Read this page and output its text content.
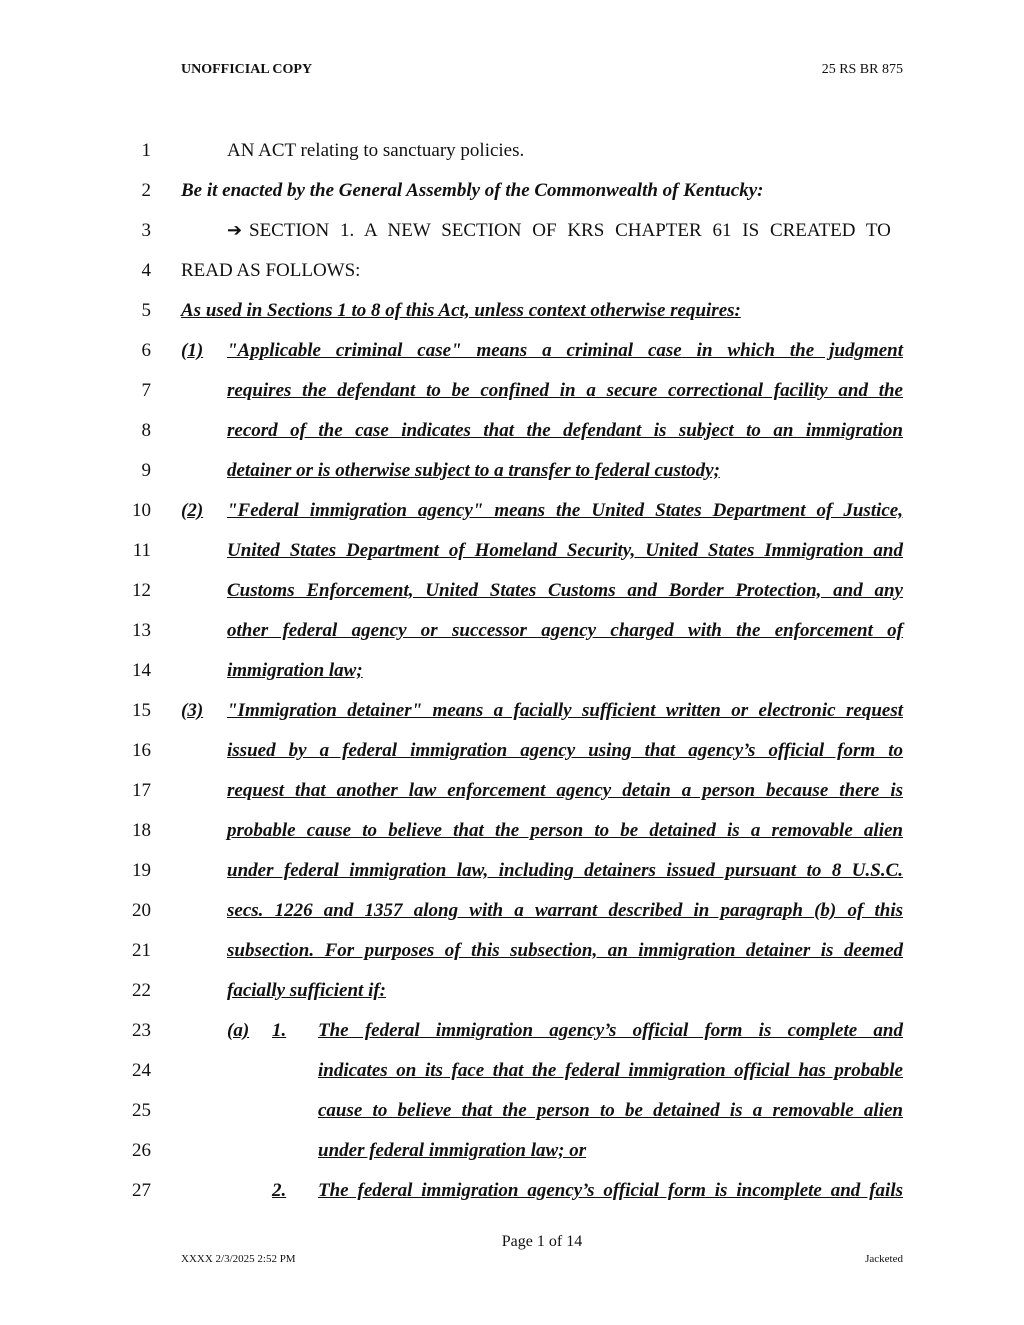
UNOFFICIAL COPY	25 RS BR 875
1	AN ACT relating to sanctuary policies.
2 Be it enacted by the General Assembly of the Commonwealth of Kentucky:
3	➔ SECTION 1. A NEW SECTION OF KRS CHAPTER 61 IS CREATED TO
4 READ AS FOLLOWS:
5 As used in Sections 1 to 8 of this Act, unless context otherwise requires:
6 (1) "Applicable criminal case" means a criminal case in which the judgment
7	requires the defendant to be confined in a secure correctional facility and the
8	record of the case indicates that the defendant is subject to an immigration
9	detainer or is otherwise subject to a transfer to federal custody;
10 (2) "Federal immigration agency" means the United States Department of Justice,
11	United States Department of Homeland Security, United States Immigration and
12	Customs Enforcement, United States Customs and Border Protection, and any
13	other federal agency or successor agency charged with the enforcement of
14	immigration law;
15 (3) "Immigration detainer" means a facially sufficient written or electronic request
16	issued by a federal immigration agency using that agency’s official form to
17	request that another law enforcement agency detain a person because there is
18	probable cause to believe that the person to be detained is a removable alien
19	under federal immigration law, including detainers issued pursuant to 8 U.S.C.
20	secs. 1226 and 1357 along with a warrant described in paragraph (b) of this
21	subsection. For purposes of this subsection, an immigration detainer is deemed
22	facially sufficient if:
23	(a) 1. The federal immigration agency’s official form is complete and
24	indicates on its face that the federal immigration official has probable
25	cause to believe that the person to be detained is a removable alien
26	under federal immigration law; or
27	2. The federal immigration agency’s official form is incomplete and fails
Page 1 of 14
XXXX 2/3/2025 2:52 PM	Jacketed
